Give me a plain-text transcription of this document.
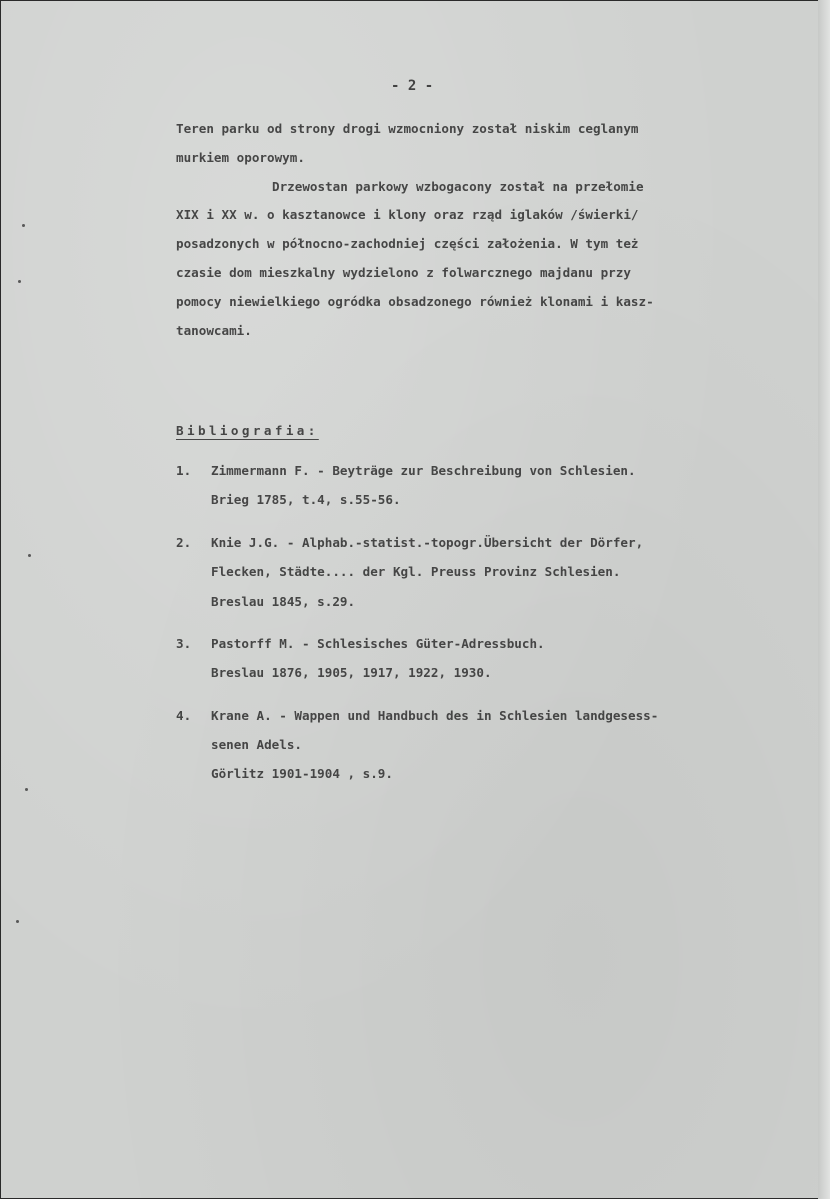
- 2 -
Teren parku od strony drogi wzmocniony został niskim ceglanym
murkiem oporowym.
Drzewostan parkowy wzbogacony został na przełomie
XIX i XX w. o kasztanowce i klony oraz rząd iglaków /świerki/
posadzonych w północno-zachodniej części założenia. W tym też
czasie dom mieszkalny wydzielono z folwarcznego majdanu przy
pomocy niewielkiego ogródka obsadzonego również klonami i kasz-
tanowcami.
Bibliografia:
1. Zimmermann F. - Beyträge zur Beschreibung von Schlesien.
Brieg 1785, t.4, s.55-56.
2. Knie J.G. - Alphab.-statist.-topogr.Übersicht der Dörfer,
Flecken, Städte.... der Kgl. Preuss Provinz Schlesien.
Breslau 1845, s.29.
3. Pastorff M. - Schlesisches Güter-Adressbuch.
Breslau 1876, 1905, 1917, 1922, 1930.
4. Krane A. - Wappen und Handbuch des in Schlesien landgesess-
senen Adels.
Görlitz 1901-1904 , s.9.
